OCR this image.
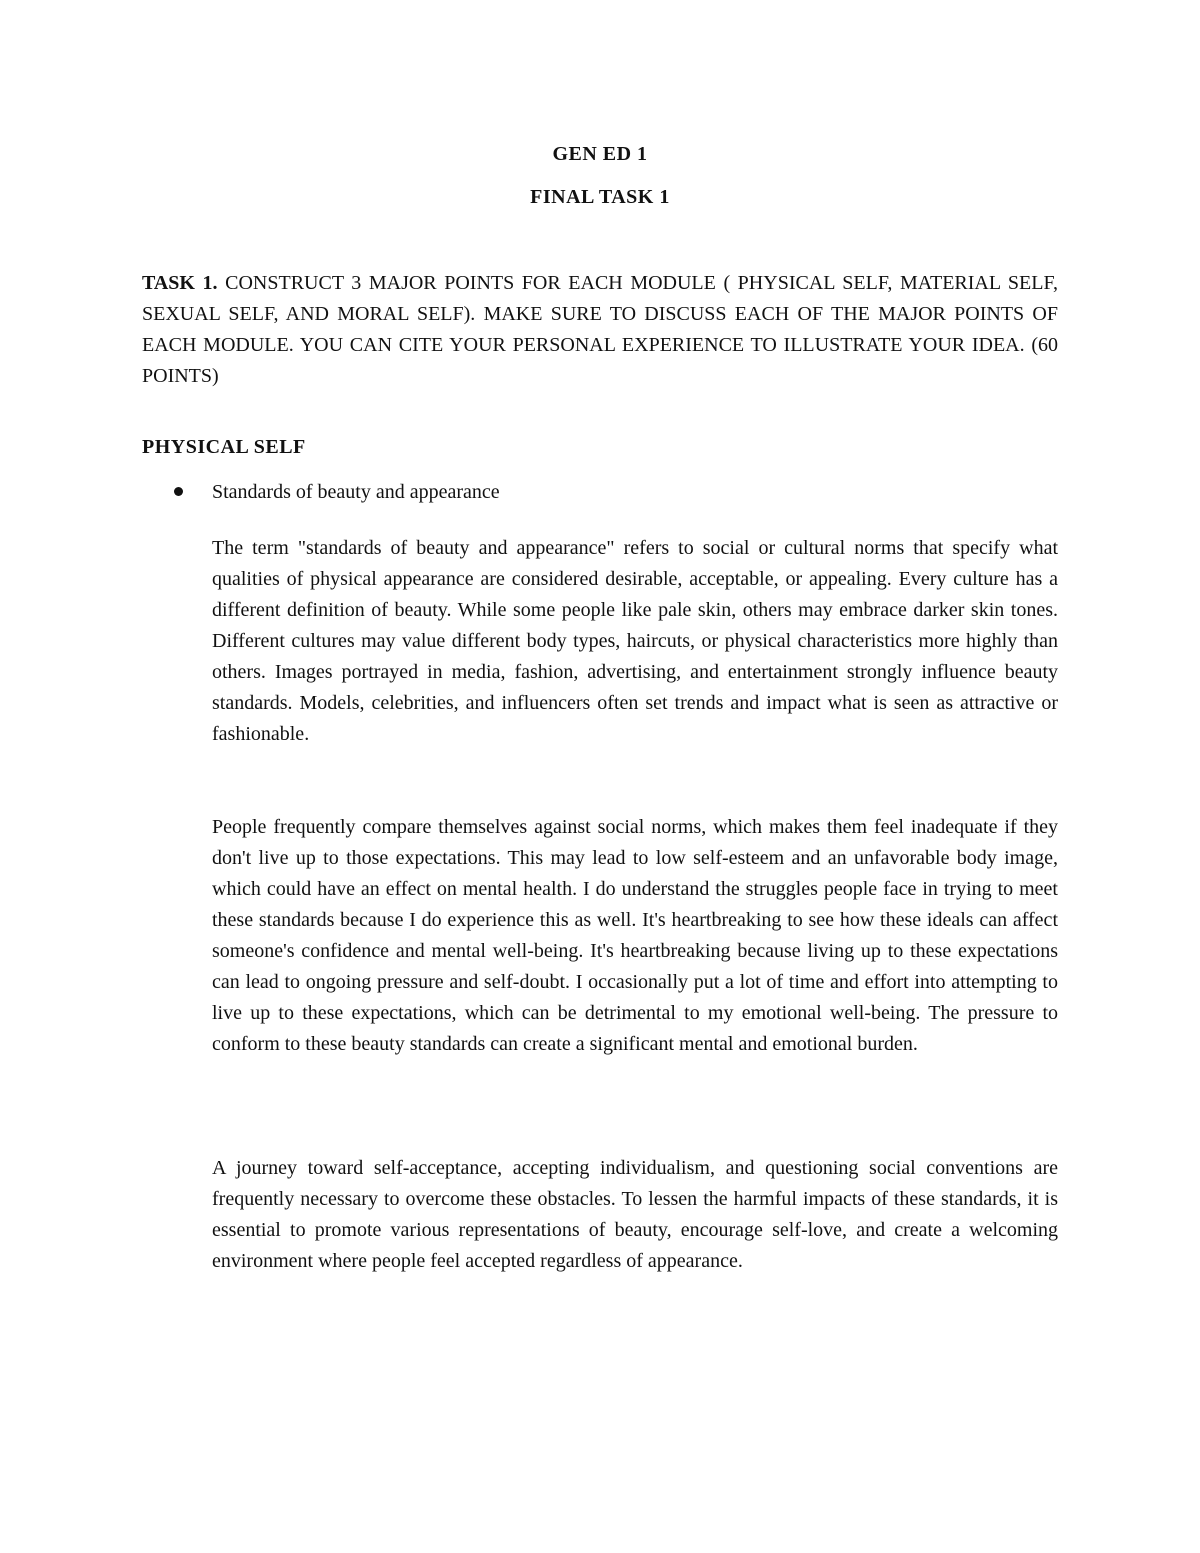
GEN ED 1
FINAL TASK 1
TASK 1. CONSTRUCT 3 MAJOR POINTS FOR EACH MODULE ( PHYSICAL SELF, MATERIAL SELF, SEXUAL SELF, AND MORAL SELF). MAKE SURE TO DISCUSS EACH OF THE MAJOR POINTS OF EACH MODULE. YOU CAN CITE YOUR PERSONAL EXPERIENCE TO ILLUSTRATE YOUR IDEA. (60 POINTS)
PHYSICAL SELF
Standards of beauty and appearance

The term "standards of beauty and appearance" refers to social or cultural norms that specify what qualities of physical appearance are considered desirable, acceptable, or appealing. Every culture has a different definition of beauty. While some people like pale skin, others may embrace darker skin tones. Different cultures may value different body types, haircuts, or physical characteristics more highly than others. Images portrayed in media, fashion, advertising, and entertainment strongly influence beauty standards. Models, celebrities, and influencers often set trends and impact what is seen as attractive or fashionable.

People frequently compare themselves against social norms, which makes them feel inadequate if they don't live up to those expectations. This may lead to low self-esteem and an unfavorable body image, which could have an effect on mental health. I do understand the struggles people face in trying to meet these standards because I do experience this as well. It's heartbreaking to see how these ideals can affect someone's confidence and mental well-being. It's heartbreaking because living up to these expectations can lead to ongoing pressure and self-doubt. I occasionally put a lot of time and effort into attempting to live up to these expectations, which can be detrimental to my emotional well-being. The pressure to conform to these beauty standards can create a significant mental and emotional burden.

A journey toward self-acceptance, accepting individualism, and questioning social conventions are frequently necessary to overcome these obstacles. To lessen the harmful impacts of these standards, it is essential to promote various representations of beauty, encourage self-love, and create a welcoming environment where people feel accepted regardless of appearance.
